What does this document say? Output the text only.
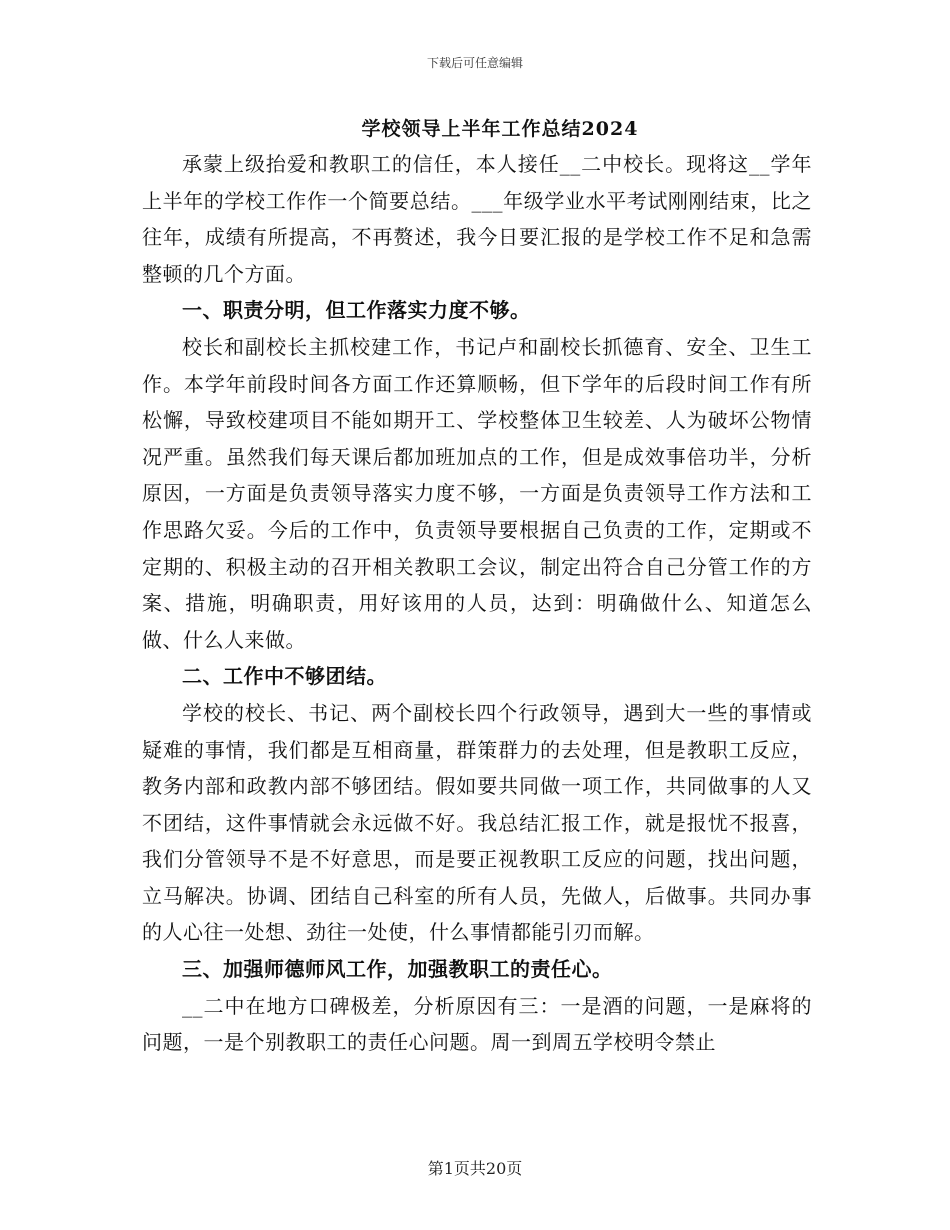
下载后可任意编辑
学校领导上半年工作总结2024

承蒙上级抬爱和教职工的信任，本人接任__二中校长。现将这__学年上半年的学校工作作一个简要总结。___年级学业水平考试刚刚结束，比之往年，成绩有所提高，不再赘述，我今日要汇报的是学校工作不足和急需整顿的几个方面。

一、职责分明，但工作落实力度不够。

校长和副校长主抓校建工作，书记卢和副校长抓德育、安全、卫生工作。本学年前段时间各方面工作还算顺畅，但下学年的后段时间工作有所松懈，导致校建项目不能如期开工、学校整体卫生较差、人为破坏公物情况严重。虽然我们每天课后都加班加点的工作，但是成效事倍功半，分析原因，一方面是负责领导落实力度不够，一方面是负责领导工作方法和工作思路欠妥。今后的工作中，负责领导要根据自己负责的工作，定期或不定期的、积极主动的召开相关教职工会议，制定出符合自己分管工作的方案、措施，明确职责，用好该用的人员，达到：明确做什么、知道怎么做、什么人来做。

二、工作中不够团结。

学校的校长、书记、两个副校长四个行政领导，遇到大一些的事情或疑难的事情，我们都是互相商量，群策群力的去处理，但是教职工反应，教务内部和政教内部不够团结。假如要共同做一项工作，共同做事的人又不团结，这件事情就会永远做不好。我总结汇报工作，就是报忧不报喜，我们分管领导不是不好意思，而是要正视教职工反应的问题，找出问题，立马解决。协调、团结自己科室的所有人员，先做人，后做事。共同办事的人心往一处想、劲往一处使，什么事情都能引刃而解。

三、加强师德师风工作，加强教职工的责任心。

__二中在地方口碑极差，分析原因有三：一是酒的问题，一是麻将的问题，一是个别教职工的责任心问题。周一到周五学校明令禁止

第1页共20页
